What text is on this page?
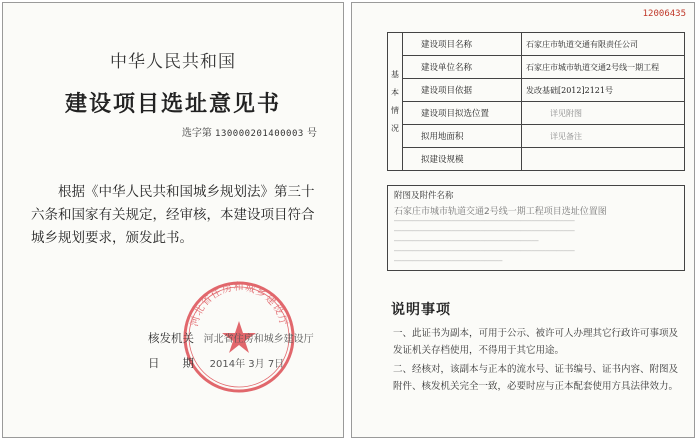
中华人民共和国
建设项目选址意见书
选字第 130000201400003 号
根据《中华人民共和国城乡规划法》第三十六条和国家有关规定，经审核，本建设项目符合城乡规划要求，颁发此书。
河北省住房和城乡建设厅
核发机关 河北省住房和城乡建设厅
日　　期 2014年 3月 7日
12006435
基本情况	建设项目名称	石家庄市轨道交通有限责任公司
	建设单位名称	石家庄市城市轨道交通2号线一期工程
	建设项目依据	发改基础[2012]2121号
	建设项目拟选位置	详见附图
	拟用地面积	详见备注
	拟建设规模	
附图及附件名称
石家庄市城市轨道交通2号线一期工程项目选址位置图
──────────────────────────────────────────────────
──────────────────────────────────────────────────
────────────────────────────────────────
──────────────────────────────────────────────────
──────────────────────────────
说明事项
一、此证书为副本，可用于公示、被许可人办理其它行政许可事项及发证机关存档使用，不得用于其它用途。
二、经核对，该副本与正本的流水号、证书编号、证书内容、附图及附件、核发机关完全一致，必要时应与正本配套使用方具法律效力。
